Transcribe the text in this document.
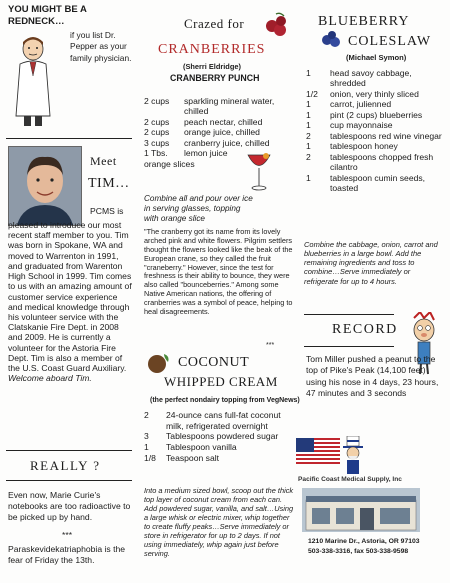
YOU MIGHT BE A REDNECK…
if you list Dr. Pepper as your family physician.
Meet
TIM…
PCMS is
pleased to introduce our most recent staff member to you. Tim was born in Spokane, WA and moved to Warrenton in 1991, and graduated from Warenton High School in 1999. Tim comes to us with an amazing amount of customer service experience and medical knowledge through his volunteer service with the Clatskanie Fire Dept. in 2008 and 2009. He is currently a volunteer for the Astoria Fire Dept. Tim is also a member of the U.S. Coast Guard Auxiliary. Welcome aboard Tim.
REALLY ?
Even now, Marie Curie's notebooks are too radioactive to be picked up by hand.
***
Paraskevidekatriaphobia is the fear of Friday the 13th.
Crazed for
CRANBERRIES
(Sherri Eldridge)
CRANBERRY PUNCH
2 cups	sparkling mineral water, chilled
2 cups	peach nectar, chilled
2 cups	orange juice, chilled
3 cups	cranberry juice, chilled
1 Tbs.	lemon juice
orange slices
Combine all and pour over ice in serving glasses, topping with orange slice
"The cranberry got its name from its lovely arched pink and white flowers. Pilgrim settlers thought the flowers looked like the beak of the European crane, so they called the fruit "craneberry." However, since the test for freshness is their ability to bounce, they were also called "bounceberries." Among some Native American nations, the offering of cranberries was a symbol of peace, helping to heal disagreements.
***
COCONUT
WHIPPED CREAM
(the perfect nondairy topping from VegNews)
2	24-ounce cans full-fat coconut milk, refrigerated overnight
3	Tablespoons powdered sugar
1	Tablespoon vanilla
1/8	Teaspoon salt
Into a medium sized bowl, scoop out the thick top layer of coconut cream from each can. Add powdered sugar, vanilla, and salt…Using a large whisk or electric mixer, whip together to create fluffy peaks…Serve immediately or store in refrigerator for up to 2 days. If not using immediately, whip again just before serving.
BLUEBERRY
COLESLAW
(Michael Symon)
1	head savoy cabbage, shredded
1/2	onion, very thinly sliced
1	carrot, julienned
1	pint (2 cups) blueberries
1	cup mayonnaise
2	tablespoons red wine vinegar
1	tablespoon honey
2	tablespoons chopped fresh cilantro
1	tablespoon cumin seeds, toasted
Combine the cabbage, onion, carrot and blueberries in a large bowl. Add the remaining ingredients and toss to combine…Serve immediately or refrigerate for up to 4 hours.
RECORD
Tom Miller pushed a peanut to the top of Pike's Peak (14,100 feet) using his nose in 4 days, 23 hours, 47 minutes and 3 seconds
Pacific Coast Medical Supply, Inc
1210 Marine Dr., Astoria, OR 97103
503-338-3316, fax 503-338-9598
